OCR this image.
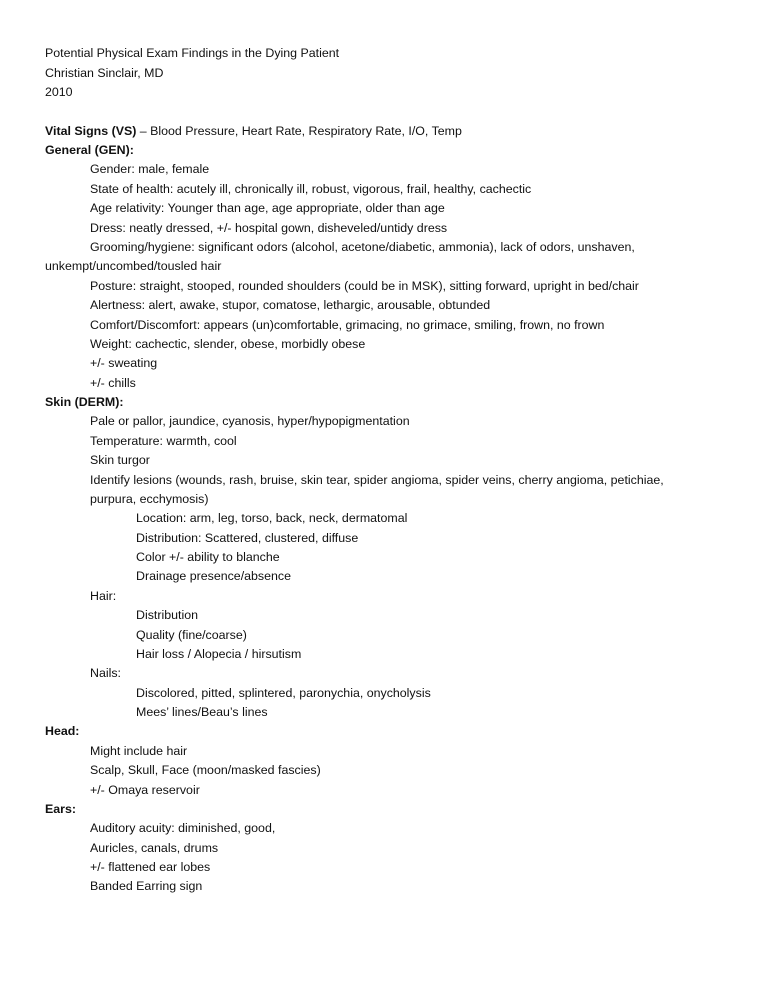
Potential Physical Exam Findings in the Dying Patient
Christian Sinclair, MD
2010
Vital Signs (VS) – Blood Pressure, Heart Rate, Respiratory Rate, I/O, Temp
General (GEN):
Gender: male, female
State of health: acutely ill, chronically ill, robust, vigorous, frail, healthy, cachectic
Age relativity: Younger than age, age appropriate, older than age
Dress: neatly dressed, +/- hospital gown, disheveled/untidy dress
Grooming/hygiene: significant odors (alcohol, acetone/diabetic, ammonia), lack of odors, unshaven,
unkempt/uncombed/tousled hair
Posture: straight, stooped, rounded shoulders (could be in MSK), sitting forward, upright in bed/chair
Alertness: alert, awake, stupor, comatose, lethargic, arousable, obtunded
Comfort/Discomfort: appears (un)comfortable, grimacing, no grimace, smiling, frown, no frown
Weight: cachectic, slender, obese, morbidly obese
+/- sweating
+/- chills
Skin (DERM):
Pale or pallor, jaundice, cyanosis, hyper/hypopigmentation
Temperature: warmth, cool
Skin turgor
Identify lesions (wounds, rash, bruise, skin tear, spider angioma, spider veins, cherry angioma, petichiae,
purpura, ecchymosis)
Location: arm, leg, torso, back, neck, dermatomal
Distribution: Scattered, clustered, diffuse
Color +/- ability to blanche
Drainage presence/absence
Hair:
Distribution
Quality (fine/coarse)
Hair loss / Alopecia / hirsutism
Nails:
Discolored, pitted, splintered, paronychia, onycholysis
Mees’ lines/Beau’s lines
Head:
Might include hair
Scalp, Skull, Face (moon/masked fascies)
+/- Omaya reservoir
Ears:
Auditory acuity: diminished, good,
Auricles, canals, drums
+/- flattened ear lobes
Banded Earring sign
